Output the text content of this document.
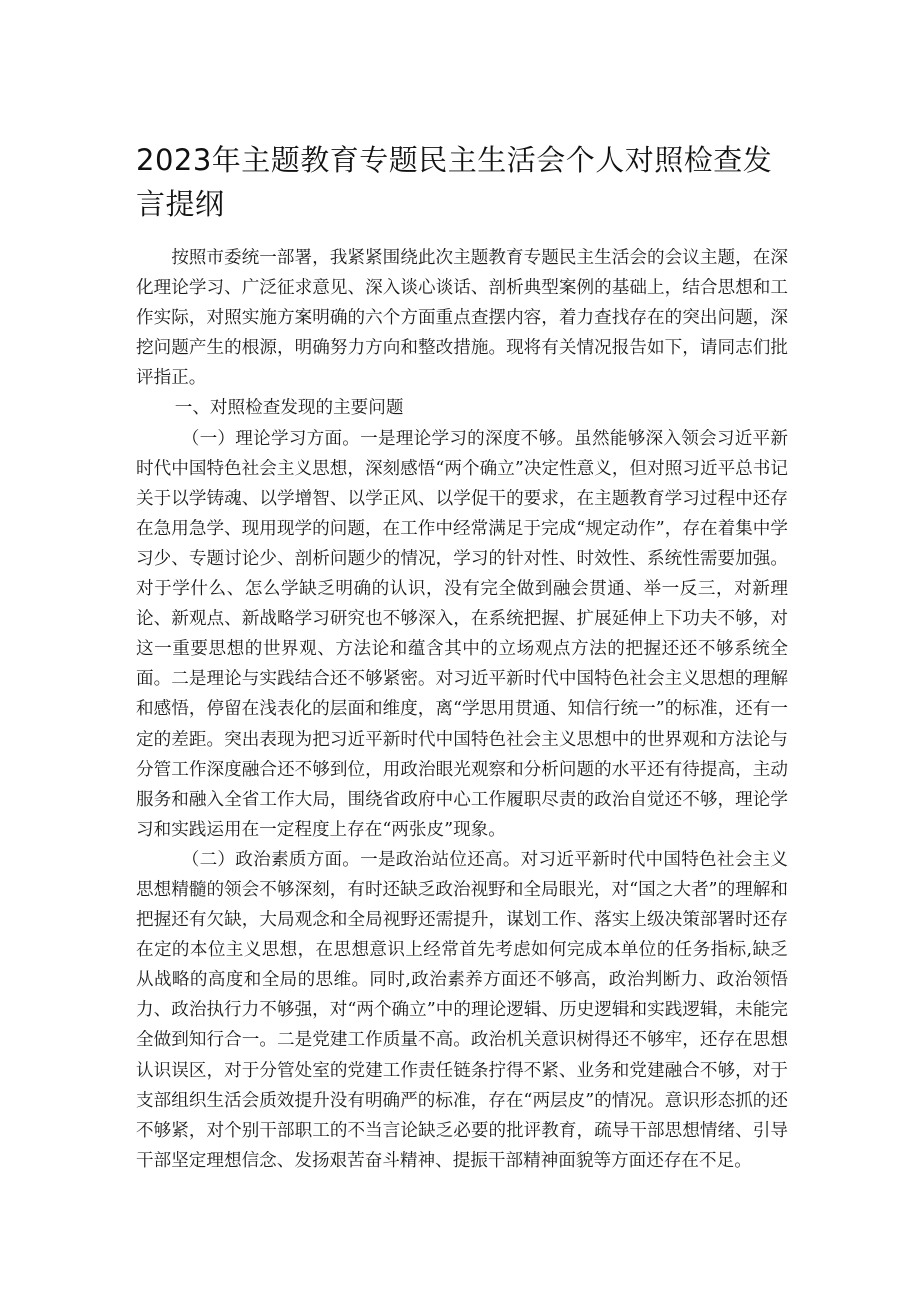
2023年主题教育专题民主生活会个人对照检查发言提纲

按照市委统一部署，我紧紧围绕此次主题教育专题民主生活会的会议主题，在深化理论学习、广泛征求意见、深入谈心谈话、剖析典型案例的基础上，结合思想和工作实际，对照实施方案明确的六个方面重点查摆内容，着力查找存在的突出问题，深挖问题产生的根源，明确努力方向和整改措施。现将有关情况报告如下，请同志们批评指正。

一、对照检查发现的主要问题

（一）理论学习方面。一是理论学习的深度不够。虽然能够深入领会习近平新时代中国特色社会主义思想，深刻感悟“两个确立”决定性意义，但对照习近平总书记关于以学铸魂、以学增智、以学正风、以学促干的要求，在主题教育学习过程中还存在急用急学、现用现学的问题，在工作中经常满足于完成“规定动作”，存在着集中学习少、专题讨论少、剖析问题少的情况，学习的针对性、时效性、系统性需要加强。对于学什么、怎么学缺乏明确的认识，没有完全做到融会贯通、举一反三，对新理论、新观点、新战略学习研究也不够深入，在系统把握、扩展延伸上下功夫不够，对这一重要思想的世界观、方法论和蕴含其中的立场观点方法的把握还还不够系统全面。二是理论与实践结合还不够紧密。对习近平新时代中国特色社会主义思想的理解和感悟，停留在浅表化的层面和维度，离“学思用贯通、知信行统一”的标准，还有一定的差距。突出表现为把习近平新时代中国特色社会主义思想中的世界观和方法论与分管工作深度融合还不够到位，用政治眼光观察和分析问题的水平还有待提高，主动服务和融入全省工作大局，围绕省政府中心工作履职尽责的政治自觉还不够，理论学习和实践运用在一定程度上存在“两张皮”现象。

（二）政治素质方面。一是政治站位还高。对习近平新时代中国特色社会主义思想精髓的领会不够深刻，有时还缺乏政治视野和全局眼光，对“国之大者”的理解和把握还有欠缺，大局观念和全局视野还需提升，谋划工作、落实上级决策部署时还存在定的本位主义思想，在思想意识上经常首先考虑如何完成本单位的任务指标,缺乏从战略的高度和全局的思维。同时,政治素养方面还不够高，政治判断力、政治领悟力、政治执行力不够强，对“两个确立”中的理论逻辑、历史逻辑和实践逻辑，未能完全做到知行合一。二是党建工作质量不高。政治机关意识树得还不够牢，还存在思想认识误区，对于分管处室的党建工作责任链条拧得不紧、业务和党建融合不够，对于支部组织生活会质效提升没有明确严的标准，存在“两层皮”的情况。意识形态抓的还不够紧，对个别干部职工的不当言论缺乏必要的批评教育，疏导干部思想情绪、引导干部坚定理想信念、发扬艰苦奋斗精神、提振干部精神面貌等方面还存在不足。
